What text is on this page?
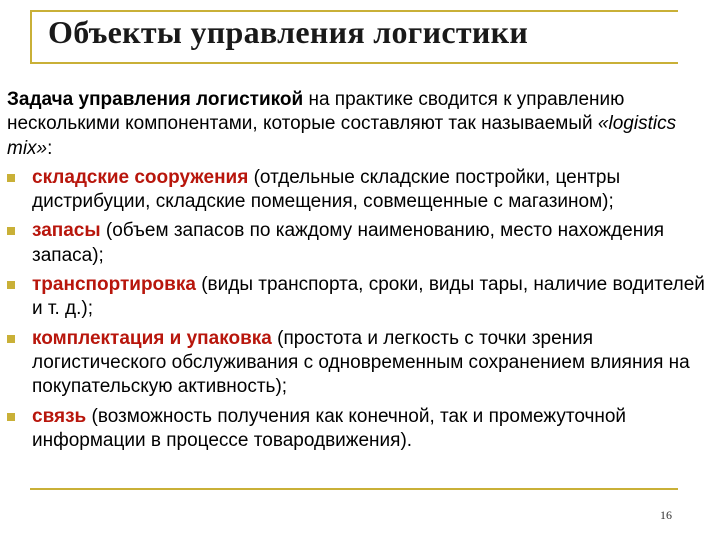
Объекты управления логистики

Задача управления логистикой на практике сводится к управлению несколькими компонентами, которые составляют так называемый «logistics mix»:

складские сооружения (отдельные складские постройки, центры дистрибуции, складские помещения, совмещенные с магазином);
запасы (объем запасов по каждому наименованию, место нахождения запаса);
транспортировка (виды транспорта, сроки, виды тары, наличие водителей и т. д.);
комплектация и упаковка (простота и легкость с точки зрения логистического обслуживания с одновременным сохранением влияния на покупательскую активность);
связь (возможность получения как конечной, так и промежуточной информации в процессе товародвижения).
16
